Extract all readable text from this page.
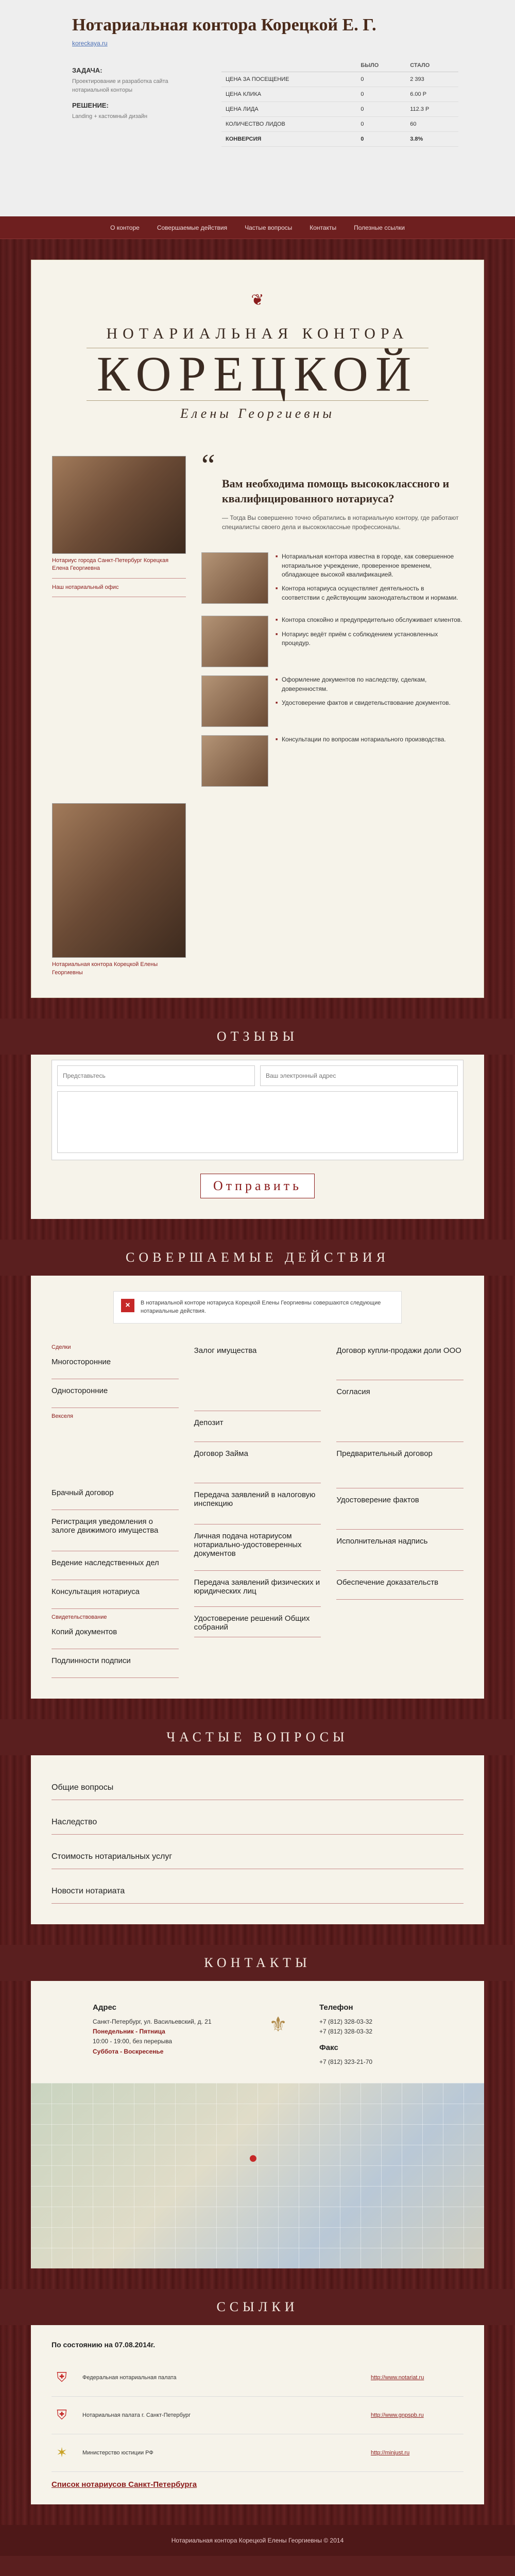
Нотариальная контора Корецкой Е. Г.
koreckaya.ru
ЗАДАЧА:
Проектирование и разработка сайта нотариальной конторы
РЕШЕНИЕ:
Landing + кастомный дизайн
	БЫЛО	СТАЛО
ЦЕНА ЗА ПОСЕЩЕНИЕ	0	2 393
ЦЕНА КЛИКА	0	6.00 Р
ЦЕНА ЛИДА	0	112.3 Р
КОЛИЧЕСТВО ЛИДОВ	0	60
КОНВЕРСИЯ	0	3.8%
О конторе	Совершаемые действия	Частые вопросы	Контакты	Полезные ссылки
❦
НОТАРИАЛЬНАЯ КОНТОРА
КОРЕЦКОЙ
Елены Георгиевны
Нотариус города Санкт-Петербург Корецкая Елена Георгиевна
Наш нотариальный офис
Нотариальная контора Корецкой Елены Георгиевны
“
Вам необходима помощь высококлассного и квалифицированного нотариуса?
— Тогда Вы совершенно точно обратились в нотариальную контору, где работают специалисты своего дела и высококлассные профессионалы.

■ Нотариальная контора известна в городе, как совершенное нотариальное учреждение, проверенное временем, обладающее высокой квалификацией.

■ Контора нотариуса осуществляет деятельность в соответствии с действующим законодательством и нормами.

■ Контора спокойно и предупредительно обслуживает клиентов.

■ Нотариус ведёт приём с соблюдением установленных процедур.

■ Оформление документов по наследству, сделкам, доверенностям.

■ Удостоверение фактов и свидетельствование документов.

■ Консультации по вопросам нотариального производства.

ОТЗЫВЫ
Представьтесь
Ваш электронный адрес
Отправить
СОВЕРШАЕМЫЕ ДЕЙСТВИЯ
×	В нотариальной конторе нотариуса Корецкой Елены Георгиевны совершаются следующие нотариальные действия.
Сделки
Многосторонние
Односторонние
Векселя
Брачный договор
Регистрация уведомления о залоге движимого имущества
Ведение наследственных дел
Консультация нотариуса
Свидетельствование
Копий документов
Подлинности подписи
Залог имущества
Депозит
Договор Займа
Передача заявлений в налоговую инспекцию
Личная подача нотариусом нотариально-удостоверенных документов
Передача заявлений физических и юридических лиц
Удостоверение решений Общих собраний
Договор купли-продажи доли ООО
Согласия
Предварительный договор
Удостоверение фактов
Исполнительная надпись
Обеспечение доказательств
ЧАСТЫЕ ВОПРОСЫ
Общие вопросы
Наследство
Стоимость нотариальных услуг
Новости нотариата
КОНТАКТЫ
Адрес
Санкт-Петербург, ул. Васильевский, д. 21
Понедельник - Пятница
10:00 - 19:00, без перерыва
Суббота - Воскресенье
⚜
Телефон
+7 (812) 328-03-32
+7 (812) 328-03-32
Факс
+7 (812) 323-21-70
●
ССЫЛКИ
По состоянию на 07.08.2014г.
⛨	Федеральная нотариальная палата	http://www.notariat.ru
⛨	Нотариальная палата г. Санкт-Петербург	http://www.gnpspb.ru
✶	Министерство юстиции РФ	http://minjust.ru
Список нотариусов Санкт-Петербурга
Нотариальная контора Корецкой Елены Георгиевны © 2014
